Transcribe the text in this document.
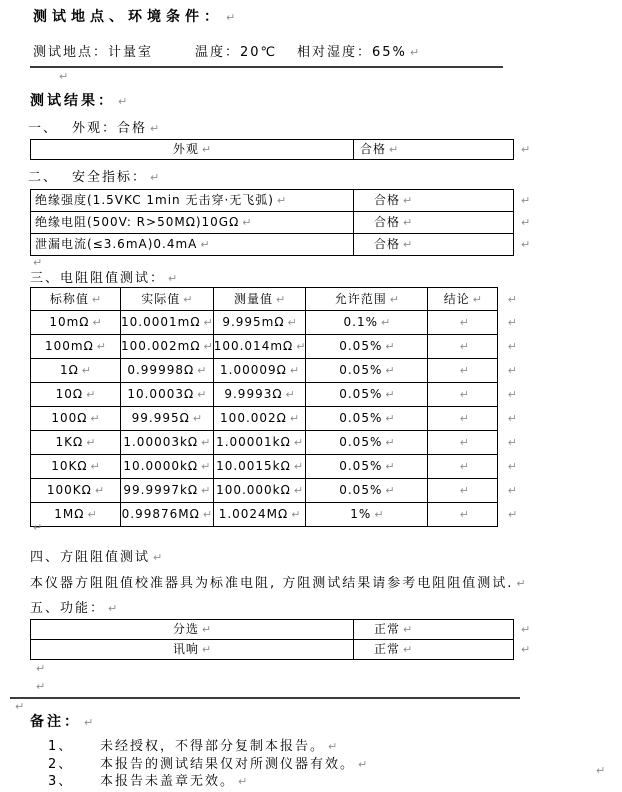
测试地点、环境条件： ↵
测试地点：计量室	温度：20℃ 相对湿度：65% ↵
↵
测试结果： ↵
一、 外观：合格 ↵
外观 ↵	合格 ↵	↵
二、 安全指标： ↵
绝缘强度(1.5VKC 1min 无击穿·无飞弧) ↵	合格 ↵	↵
绝缘电阻(500V: R>50MΩ)10GΩ ↵	合格 ↵	↵
泄漏电流(≤3.6mA)0.4mA ↵	合格 ↵	↵
↵
三、电阻阻值测试： ↵
标称值 ↵	实际值 ↵	测量值 ↵	允许范围 ↵	结论 ↵	↵
10mΩ ↵	10.0001mΩ ↵	9.995mΩ ↵	0.1% ↵	↵	↵
100mΩ ↵	100.002mΩ ↵	100.014mΩ ↵	0.05% ↵	↵	↵
1Ω ↵	0.99998Ω ↵	1.00009Ω ↵	0.05% ↵	↵	↵
10Ω ↵	10.0003Ω ↵	9.9993Ω ↵	0.05% ↵	↵	↵
100Ω ↵	99.995Ω ↵	100.002Ω ↵	0.05% ↵	↵	↵
1KΩ ↵	1.00003kΩ ↵	1.00001kΩ ↵	0.05% ↵	↵	↵
10KΩ ↵	10.0000kΩ ↵	10.0015kΩ ↵	0.05% ↵	↵	↵
100KΩ ↵	99.9997kΩ ↵	100.000kΩ ↵	0.05% ↵	↵	↵
1MΩ ↵	0.99876MΩ ↵	1.0024MΩ ↵	1% ↵	↵	↵
↵
四、方阻阻值测试 ↵
本仪器方阻阻值校准器具为标准电阻, 方阻测试结果请参考电阻阻值测试. ↵
五、功能： ↵
分选 ↵	正常 ↵	↵
讯响 ↵	正常 ↵	↵
↵
↵
↵
备注： ↵
1、 未经授权，不得部分复制本报告。 ↵
2、 本报告的测试结果仅对所测仪器有效。 ↵
3、 本报告未盖章无效。 ↵
↵
